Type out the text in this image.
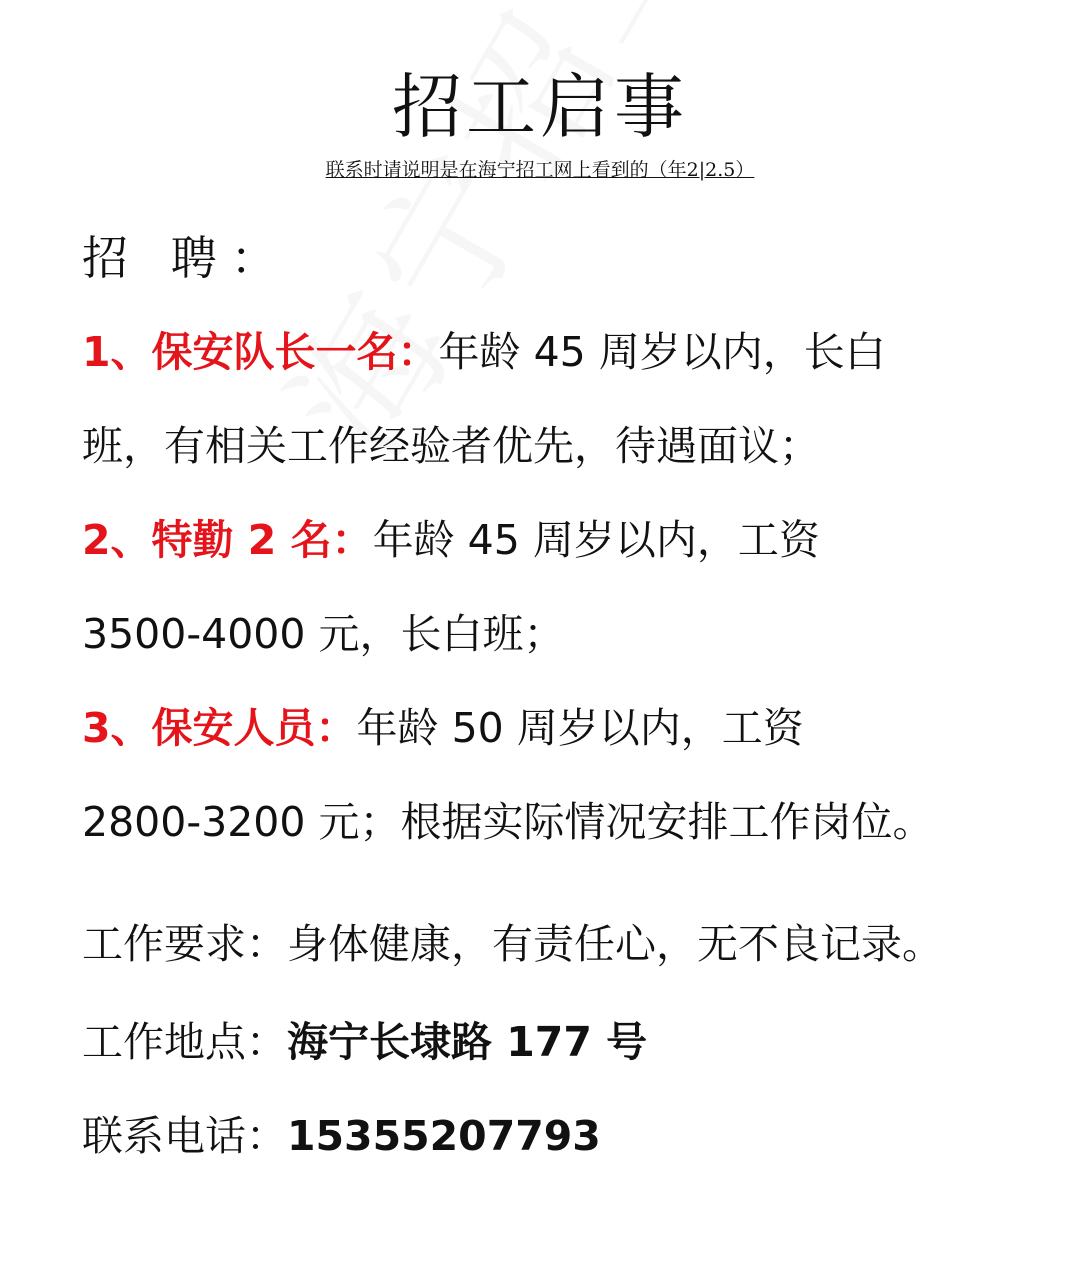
招工启事
联系时请说明是在海宁招工网上看到的（年2|2.5）
招 聘：
1、保安队长一名：年龄 45 周岁以内，长白
班，有相关工作经验者优先，待遇面议；
2、特勤 2 名：年龄 45 周岁以内，工资
3500-4000 元，长白班；
3、保安人员：年龄 50 周岁以内，工资
2800-3200 元；根据实际情况安排工作岗位。
工作要求：身体健康，有责任心，无不良记录。
工作地点：海宁长埭路 177 号
联系电话：15355207793
